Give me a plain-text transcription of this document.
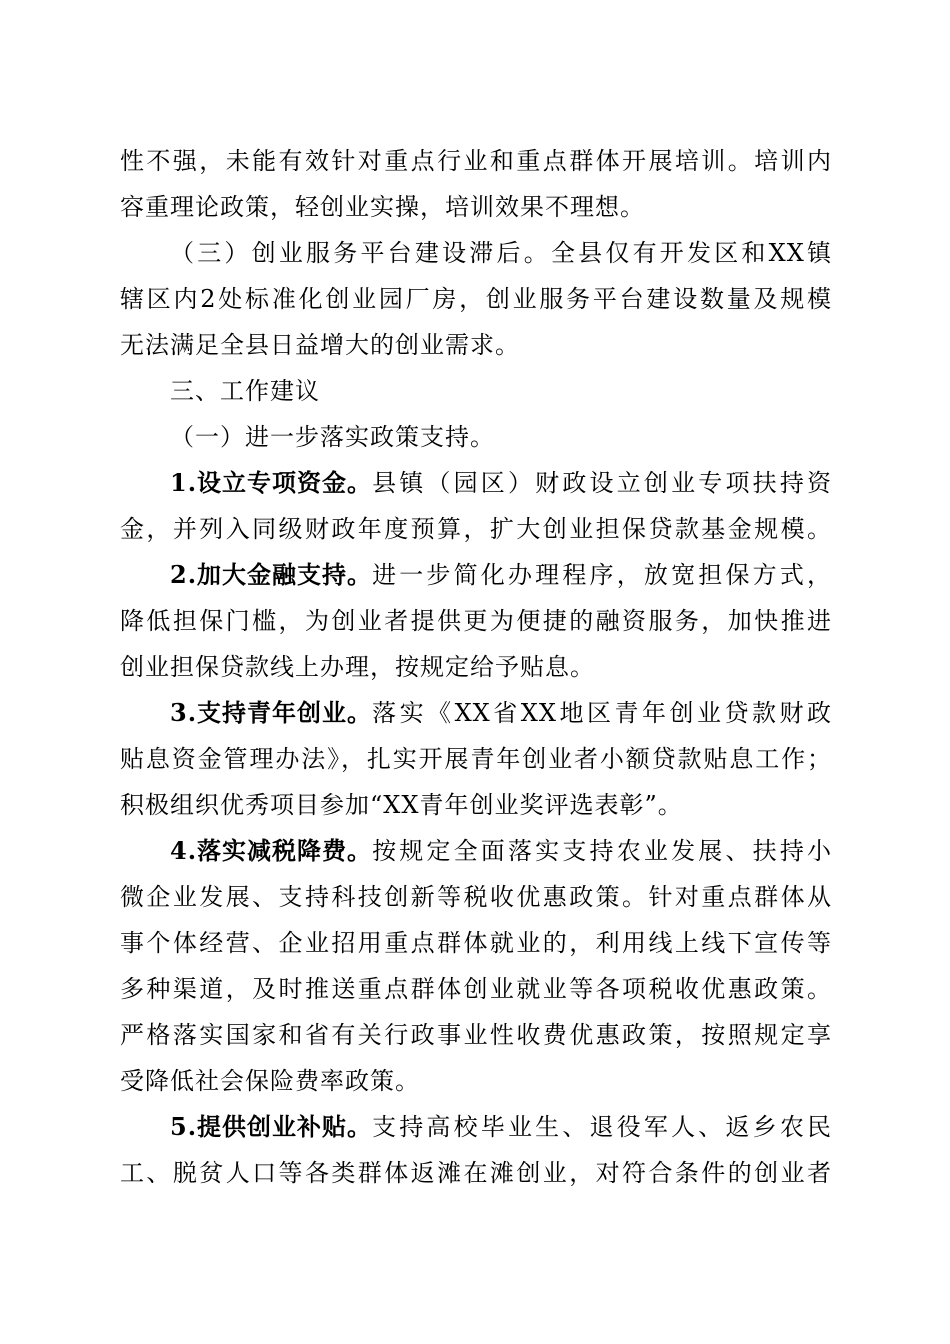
性不强，未能有效针对重点行业和重点群体开展培训。培训内
容重理论政策，轻创业实操，培训效果不理想。
（三）创业服务平台建设滞后。全县仅有开发区和XX镇
辖区内2处标准化创业园厂房，创业服务平台建设数量及规模
无法满足全县日益增大的创业需求。
三、工作建议
（一）进一步落实政策支持。
1.设立专项资金。 县镇（园区）财政设立创业专项扶持资
金，并列入同级财政年度预算，扩大创业担保贷款基金规模。
2.加大金融支持。 进一步简化办理程序，放宽担保方式，
降低担保门槛，为创业者提供更为便捷的融资服务，加快推进
创业担保贷款线上办理，按规定给予贴息。
3.支持青年创业。 落实《XX省XX地区青年创业贷款财政
贴息资金管理办法》，扎实开展青年创业者小额贷款贴息工作；
积极组织优秀项目参加“XX青年创业奖评选表彰”。
4.落实减税降费。 按规定全面落实支持农业发展、扶持小
微企业发展、支持科技创新等税收优惠政策。针对重点群体从
事个体经营、企业招用重点群体就业的，利用线上线下宣传等
多种渠道，及时推送重点群体创业就业等各项税收优惠政策。
严格落实国家和省有关行政事业性收费优惠政策，按照规定享
受降低社会保险费率政策。
5.提供创业补贴。 支持高校毕业生、退役军人、返乡农民
工、脱贫人口等各类群体返滩在滩创业，对符合条件的创业者
